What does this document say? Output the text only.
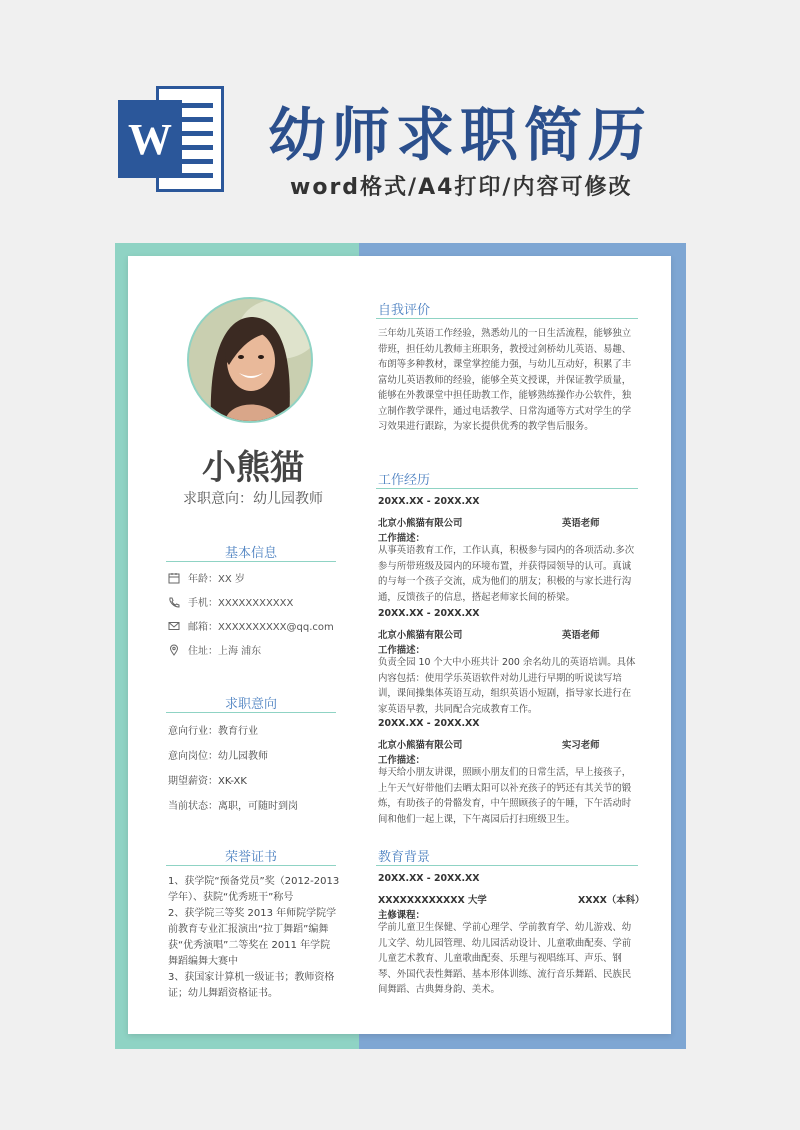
W 幼师求职简历
word格式/A4打印/内容可修改
小熊猫
求职意向：幼儿园教师
基本信息
年龄：XX 岁
手机：XXXXXXXXXXX
邮箱：XXXXXXXXXX@qq.com
住址：上海 浦东
求职意向
意向行业：教育行业
意向岗位：幼儿园教师
期望薪资：XK-XK
当前状态：离职，可随时到岗
荣誉证书
1、获学院“预备党员”奖（2012-2013学年）、获院“优秀班干”称号
2、获学院三等奖 2013 年师院学院学前教育专业汇报演出“拉丁舞蹈”编舞获“优秀演唱”二等奖在 2011 年学院舞蹈编舞大赛中
3、获国家计算机一级证书；教师资格证；幼儿舞蹈资格证书。
自我评价
三年幼儿英语工作经验，熟悉幼儿的一日生活流程，能够独立带班，担任幼儿教师主班职务，教授过剑桥幼儿英语、易趣、布朗等多种教材，课堂掌控能力强，与幼儿互动好，积累了丰富幼儿英语教师的经验，能够全英文授课，并保证教学质量，能够在外教课堂中担任助教工作，能够熟练操作办公软件，独立制作教学课件，通过电话教学、日常沟通等方式对学生的学习效果进行跟踪，为家长提供优秀的教学售后服务。
工作经历
20XX.XX - 20XX.XX
北京小熊猫有限公司	英语老师
工作描述：
从事英语教育工作，工作认真，积极参与园内的各项活动.多次参与所带班级及园内的环境布置，并获得园领导的认可。真诚的与每一个孩子交流，成为他们的朋友；积极的与家长进行沟通，反馈孩子的信息，搭起老师家长间的桥梁。
20XX.XX - 20XX.XX
北京小熊猫有限公司	英语老师
工作描述：
负责全园 10 个大中小班共计 200 余名幼儿的英语培训。具体内容包括：使用学乐英语软件对幼儿进行早期的听说读写培训，课间操集体英语互动，组织英语小短剧，指导家长进行在家英语早教，共同配合完成教育工作。
20XX.XX - 20XX.XX
北京小熊猫有限公司	实习老师
工作描述：
每天给小朋友讲课，照顾小朋友们的日常生活，早上接孩子，上午天气好带他们去晒太阳可以补充孩子的钙还有其关节的锻炼，有助孩子的骨骼发育，中午照顾孩子的午睡，下午活动时间和他们一起上课，下午离园后打扫班级卫生。
教育背景
20XX.XX - 20XX.XX
XXXXXXXXXXXX 大学	XXXX（本科）
主修课程：
学前儿童卫生保健、学前心理学、学前教育学、幼儿游戏、幼儿文学、幼儿园管理、幼儿园活动设计、儿童歌曲配奏、学前儿童艺术教育、儿童歌曲配奏、乐理与视唱练耳、声乐、钢琴、外国代表性舞蹈、基本形体训练、流行音乐舞蹈、民族民间舞蹈、古典舞身韵、美术。
